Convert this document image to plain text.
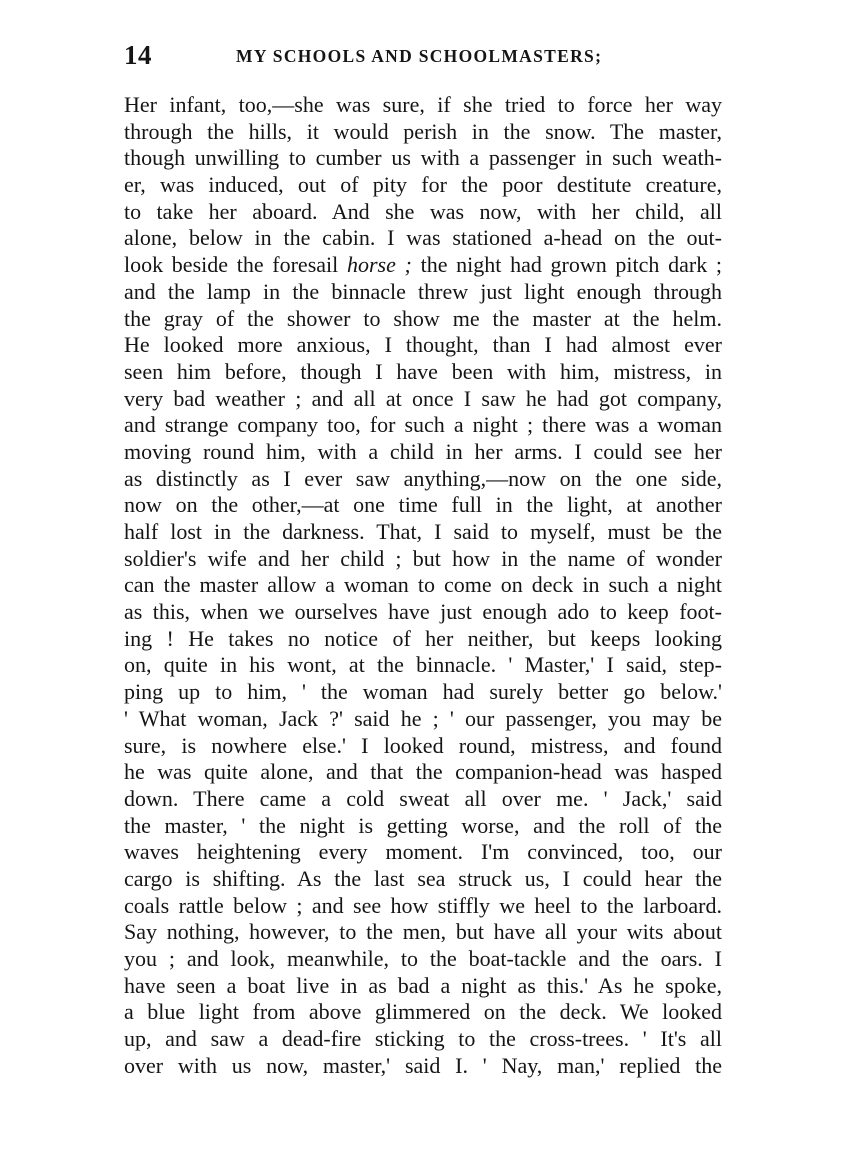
14	MY SCHOOLS AND SCHOOLMASTERS;
Her infant, too,—she was sure, if she tried to force her way
through the hills, it would perish in the snow. The master,
though unwilling to cumber us with a passenger in such weath-
er, was induced, out of pity for the poor destitute creature,
to take her aboard. And she was now, with her child, all
alone, below in the cabin. I was stationed a-head on the out-
look beside the foresail horse ; the night had grown pitch dark ;
and the lamp in the binnacle threw just light enough through
the gray of the shower to show me the master at the helm.
He looked more anxious, I thought, than I had almost ever
seen him before, though I have been with him, mistress, in
very bad weather ; and all at once I saw he had got company,
and strange company too, for such a night ; there was a woman
moving round him, with a child in her arms. I could see her
as distinctly as I ever saw anything,—now on the one side,
now on the other,—at one time full in the light, at another
half lost in the darkness. That, I said to myself, must be the
soldier's wife and her child ; but how in the name of wonder
can the master allow a woman to come on deck in such a night
as this, when we ourselves have just enough ado to keep foot-
ing ! He takes no notice of her neither, but keeps looking
on, quite in his wont, at the binnacle. ' Master,' I said, step-
ping up to him, ' the woman had surely better go below.'
' What woman, Jack ?' said he ; ' our passenger, you may be
sure, is nowhere else.' I looked round, mistress, and found
he was quite alone, and that the companion-head was hasped
down. There came a cold sweat all over me. ' Jack,' said
the master, ' the night is getting worse, and the roll of the
waves heightening every moment. I'm convinced, too, our
cargo is shifting. As the last sea struck us, I could hear the
coals rattle below ; and see how stiffly we heel to the larboard.
Say nothing, however, to the men, but have all your wits about
you ; and look, meanwhile, to the boat-tackle and the oars. I
have seen a boat live in as bad a night as this.' As he spoke,
a blue light from above glimmered on the deck. We looked
up, and saw a dead-fire sticking to the cross-trees. ' It's all
over with us now, master,' said I. ' Nay, man,' replied the
